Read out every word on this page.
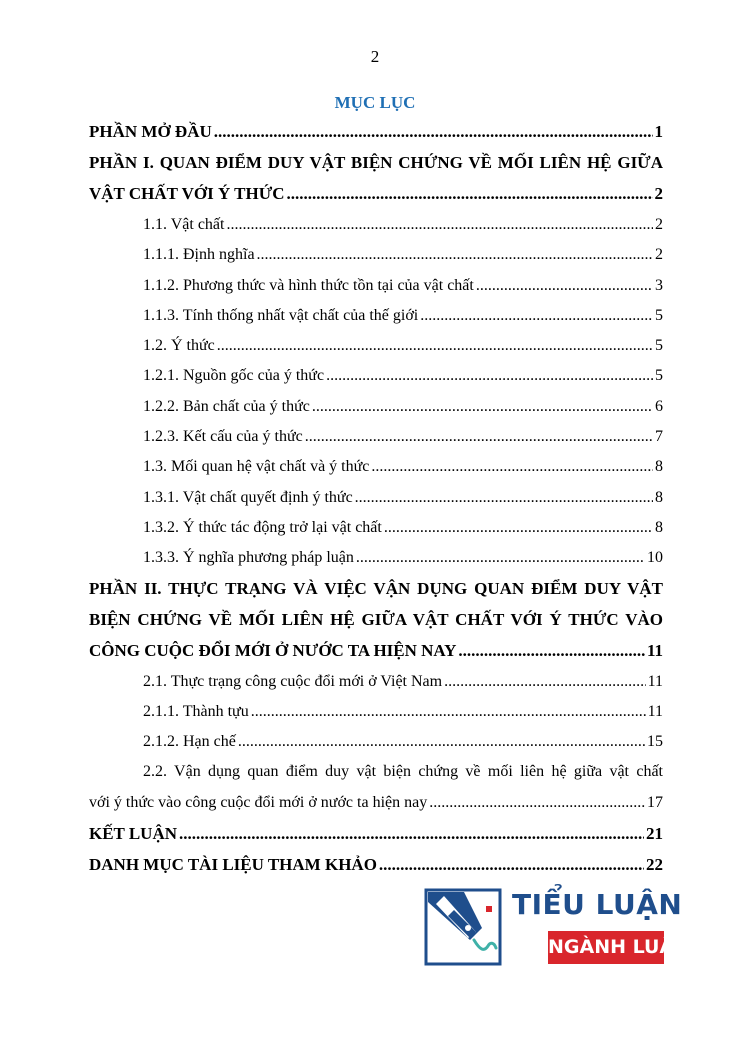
2
MỤC LỤC
PHẦN MỞ ĐẦU .....	1
PHẦN I. QUAN ĐIỂM DUY VẬT BIỆN CHỨNG VỀ MỐI LIÊN HỆ GIỮA
VẬT CHẤT VỚI Ý THỨC .....	2
1.1. Vật chất .....	2
1.1.1. Định nghĩa .....	2
1.1.2. Phương thức và hình thức tồn tại của vật chất .....	3
1.1.3. Tính thống nhất vật chất của thế giới .....	5
1.2. Ý thức .....	5
1.2.1. Nguồn gốc của ý thức .....	5
1.2.2. Bản chất của ý thức .....	6
1.2.3. Kết cấu của ý thức .....	7
1.3. Mối quan hệ vật chất và ý thức .....	8
1.3.1. Vật chất quyết định ý thức .....	8
1.3.2. Ý thức tác động trở lại vật chất .....	8
1.3.3. Ý nghĩa phương pháp luận .....	10
PHẦN II. THỰC TRẠNG VÀ VIỆC VẬN DỤNG QUAN ĐIỂM DUY VẬT
BIỆN CHỨNG VỀ MỐI LIÊN HỆ GIỮA VẬT CHẤT VỚI Ý THỨC VÀO
CÔNG CUỘC ĐỔI MỚI Ở NƯỚC TA HIỆN NAY .....	11
2.1. Thực trạng công cuộc đổi mới ở Việt Nam .....	11
2.1.1. Thành tựu .....	11
2.1.2. Hạn chế .....	15
2.2. Vận dụng quan điểm duy vật biện chứng về mối liên hệ giữa vật chất
với ý thức vào công cuộc đổi mới ở nước ta hiện nay .....	17
KẾT LUẬN .....	21
DANH MỤC TÀI LIỆU THAM KHẢO .....	22
TIỂU LUẬN
NGÀNH LUẬT
